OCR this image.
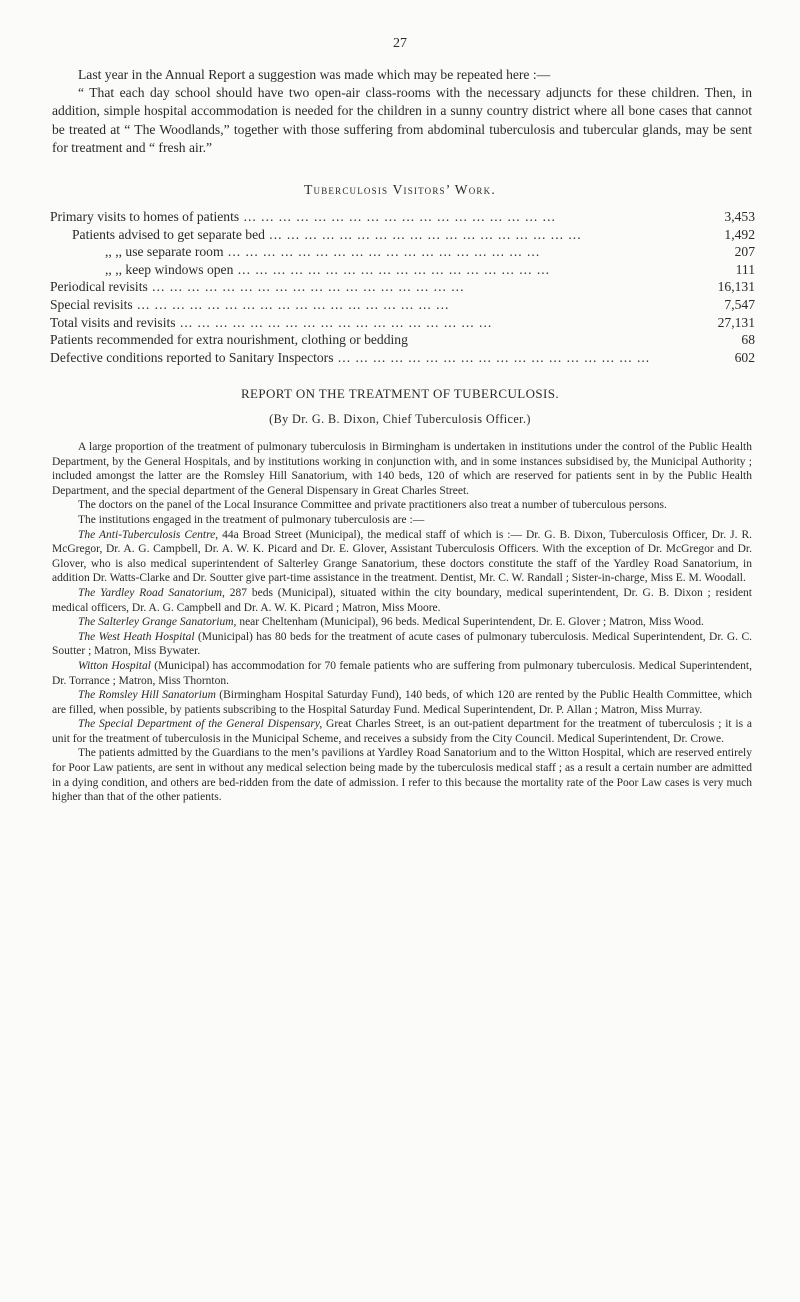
27

Last year in the Annual Report a suggestion was made which may be repeated here :—

“ That each day school should have two open-air class-rooms with the necessary adjuncts for these children. Then, in addition, simple hospital accommodation is needed for the children in a sunny country district where all bone cases that cannot be treated at “ The Woodlands,” together with those suffering from abdominal tuberculosis and tubercular glands, may be sent for treatment and “ fresh air.”

Tuberculosis Visitors’ Work.
Primary visits to homes of patients ... .	3,453
Patients advised to get separate bed ... .	1,492
,, ,, use separate room ... .	207
,, ,, keep windows open ... .	111
Periodical revisits ... .	16,131
Special revisits ... .	7,547
Total visits and revisits ... .	27,131
Patients recommended for extra nourishment, clothing or bedding	68
Defective conditions reported to Sanitary Inspectors ... .	602
REPORT ON THE TREATMENT OF TUBERCULOSIS.
(By Dr. G. B. Dixon, Chief Tuberculosis Officer.)

A large proportion of the treatment of pulmonary tuberculosis in Birmingham is undertaken in institutions under the control of the Public Health Department, by the General Hospitals, and by institutions working in conjunction with, and in some instances subsidised by, the Municipal Authority ; included amongst the latter are the Romsley Hill Sanatorium, with 140 beds, 120 of which are reserved for patients sent in by the Public Health Department, and the special department of the General Dispensary in Great Charles Street.

The doctors on the panel of the Local Insurance Committee and private practitioners also treat a number of tuberculous persons.

The institutions engaged in the treatment of pulmonary tuberculosis are :—

The Anti-Tuberculosis Centre, 44a Broad Street (Municipal), the medical staff of which is :— Dr. G. B. Dixon, Tuberculosis Officer, Dr. J. R. McGregor, Dr. A. G. Campbell, Dr. A. W. K. Picard and Dr. E. Glover, Assistant Tuberculosis Officers. With the exception of Dr. McGregor and Dr. Glover, who is also medical superintendent of Salterley Grange Sanatorium, these doctors constitute the staff of the Yardley Road Sanatorium, in addition Dr. Watts-Clarke and Dr. Soutter give part-time assistance in the treatment. Dentist, Mr. C. W. Randall ; Sister-in-charge, Miss E. M. Woodall.

The Yardley Road Sanatorium, 287 beds (Municipal), situated within the city boundary, medical superintendent, Dr. G. B. Dixon ; resident medical officers, Dr. A. G. Campbell and Dr. A. W. K. Picard ; Matron, Miss Moore.

The Salterley Grange Sanatorium, near Cheltenham (Municipal), 96 beds. Medical Superintendent, Dr. E. Glover ; Matron, Miss Wood.

The West Heath Hospital (Municipal) has 80 beds for the treatment of acute cases of pulmonary tuberculosis. Medical Superintendent, Dr. G. C. Soutter ; Matron, Miss Bywater.

Witton Hospital (Municipal) has accommodation for 70 female patients who are suffering from pulmonary tuberculosis. Medical Superintendent, Dr. Torrance ; Matron, Miss Thornton.

The Romsley Hill Sanatorium (Birmingham Hospital Saturday Fund), 140 beds, of which 120 are rented by the Public Health Committee, which are filled, when possible, by patients subscribing to the Hospital Saturday Fund. Medical Superintendent, Dr. P. Allan ; Matron, Miss Murray.

The Special Department of the General Dispensary, Great Charles Street, is an out-patient department for the treatment of tuberculosis ; it is a unit for the treatment of tuberculosis in the Municipal Scheme, and receives a subsidy from the City Council. Medical Superintendent, Dr. Crowe.

The patients admitted by the Guardians to the men’s pavilions at Yardley Road Sanatorium and to the Witton Hospital, which are reserved entirely for Poor Law patients, are sent in without any medical selection being made by the tuberculosis medical staff ; as a result a certain number are admitted in a dying condition, and others are bed-ridden from the date of admission. I refer to this because the mortality rate of the Poor Law cases is very much higher than that of the other patients.
